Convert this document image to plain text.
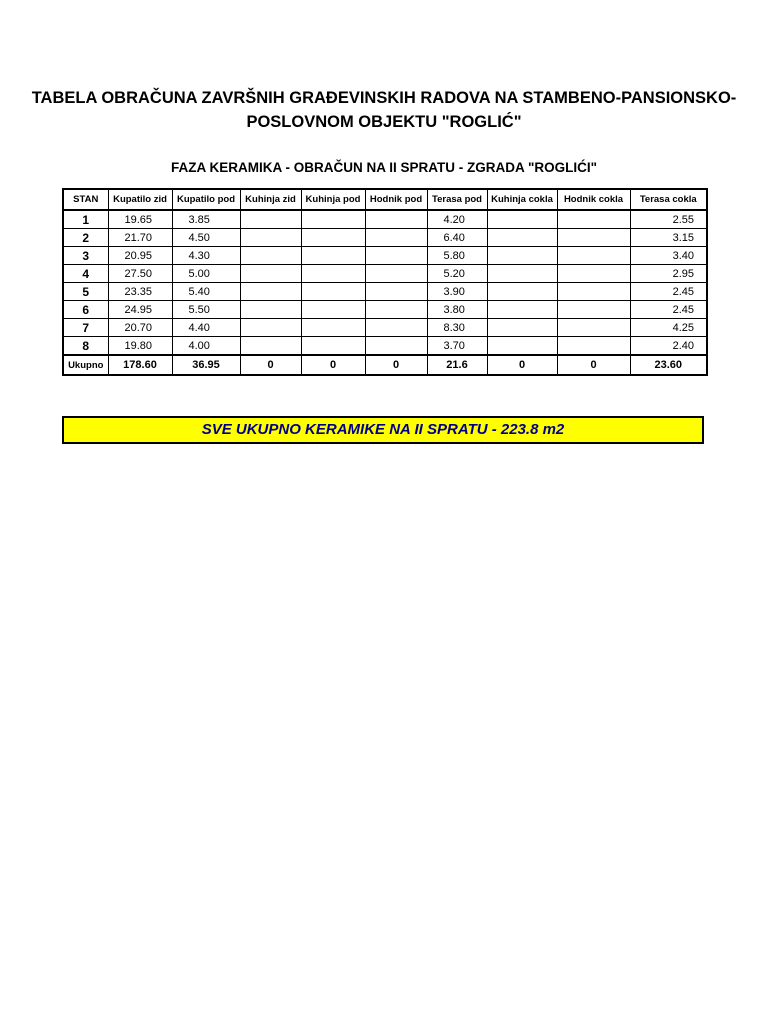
TABELA OBRAČUNA ZAVRŠNIH GRAĐEVINSKIH RADOVA NA STAMBENO-PANSIONSKO-
POSLOVNOM OBJEKTU "ROGLIĆ"
FAZA KERAMIKA - OBRAČUN NA II SPRATU - ZGRADA "ROGLIĆI"
STAN	Kupatilo zid	Kupatilo pod	Kuhinja zid	Kuhinja pod	Hodnik pod	Terasa pod	Kuhinja cokla	Hodnik cokla	Terasa cokla
1	19.65	3.85				4.20			2.55
2	21.70	4.50				6.40			3.15
3	20.95	4.30				5.80			3.40
4	27.50	5.00				5.20			2.95
5	23.35	5.40				3.90			2.45
6	24.95	5.50				3.80			2.45
7	20.70	4.40				8.30			4.25
8	19.80	4.00				3.70			2.40
Ukupno	178.60	36.95	0	0	0	21.6	0	0	23.60
SVE UKUPNO KERAMIKE NA II SPRATU - 223.8 m2
